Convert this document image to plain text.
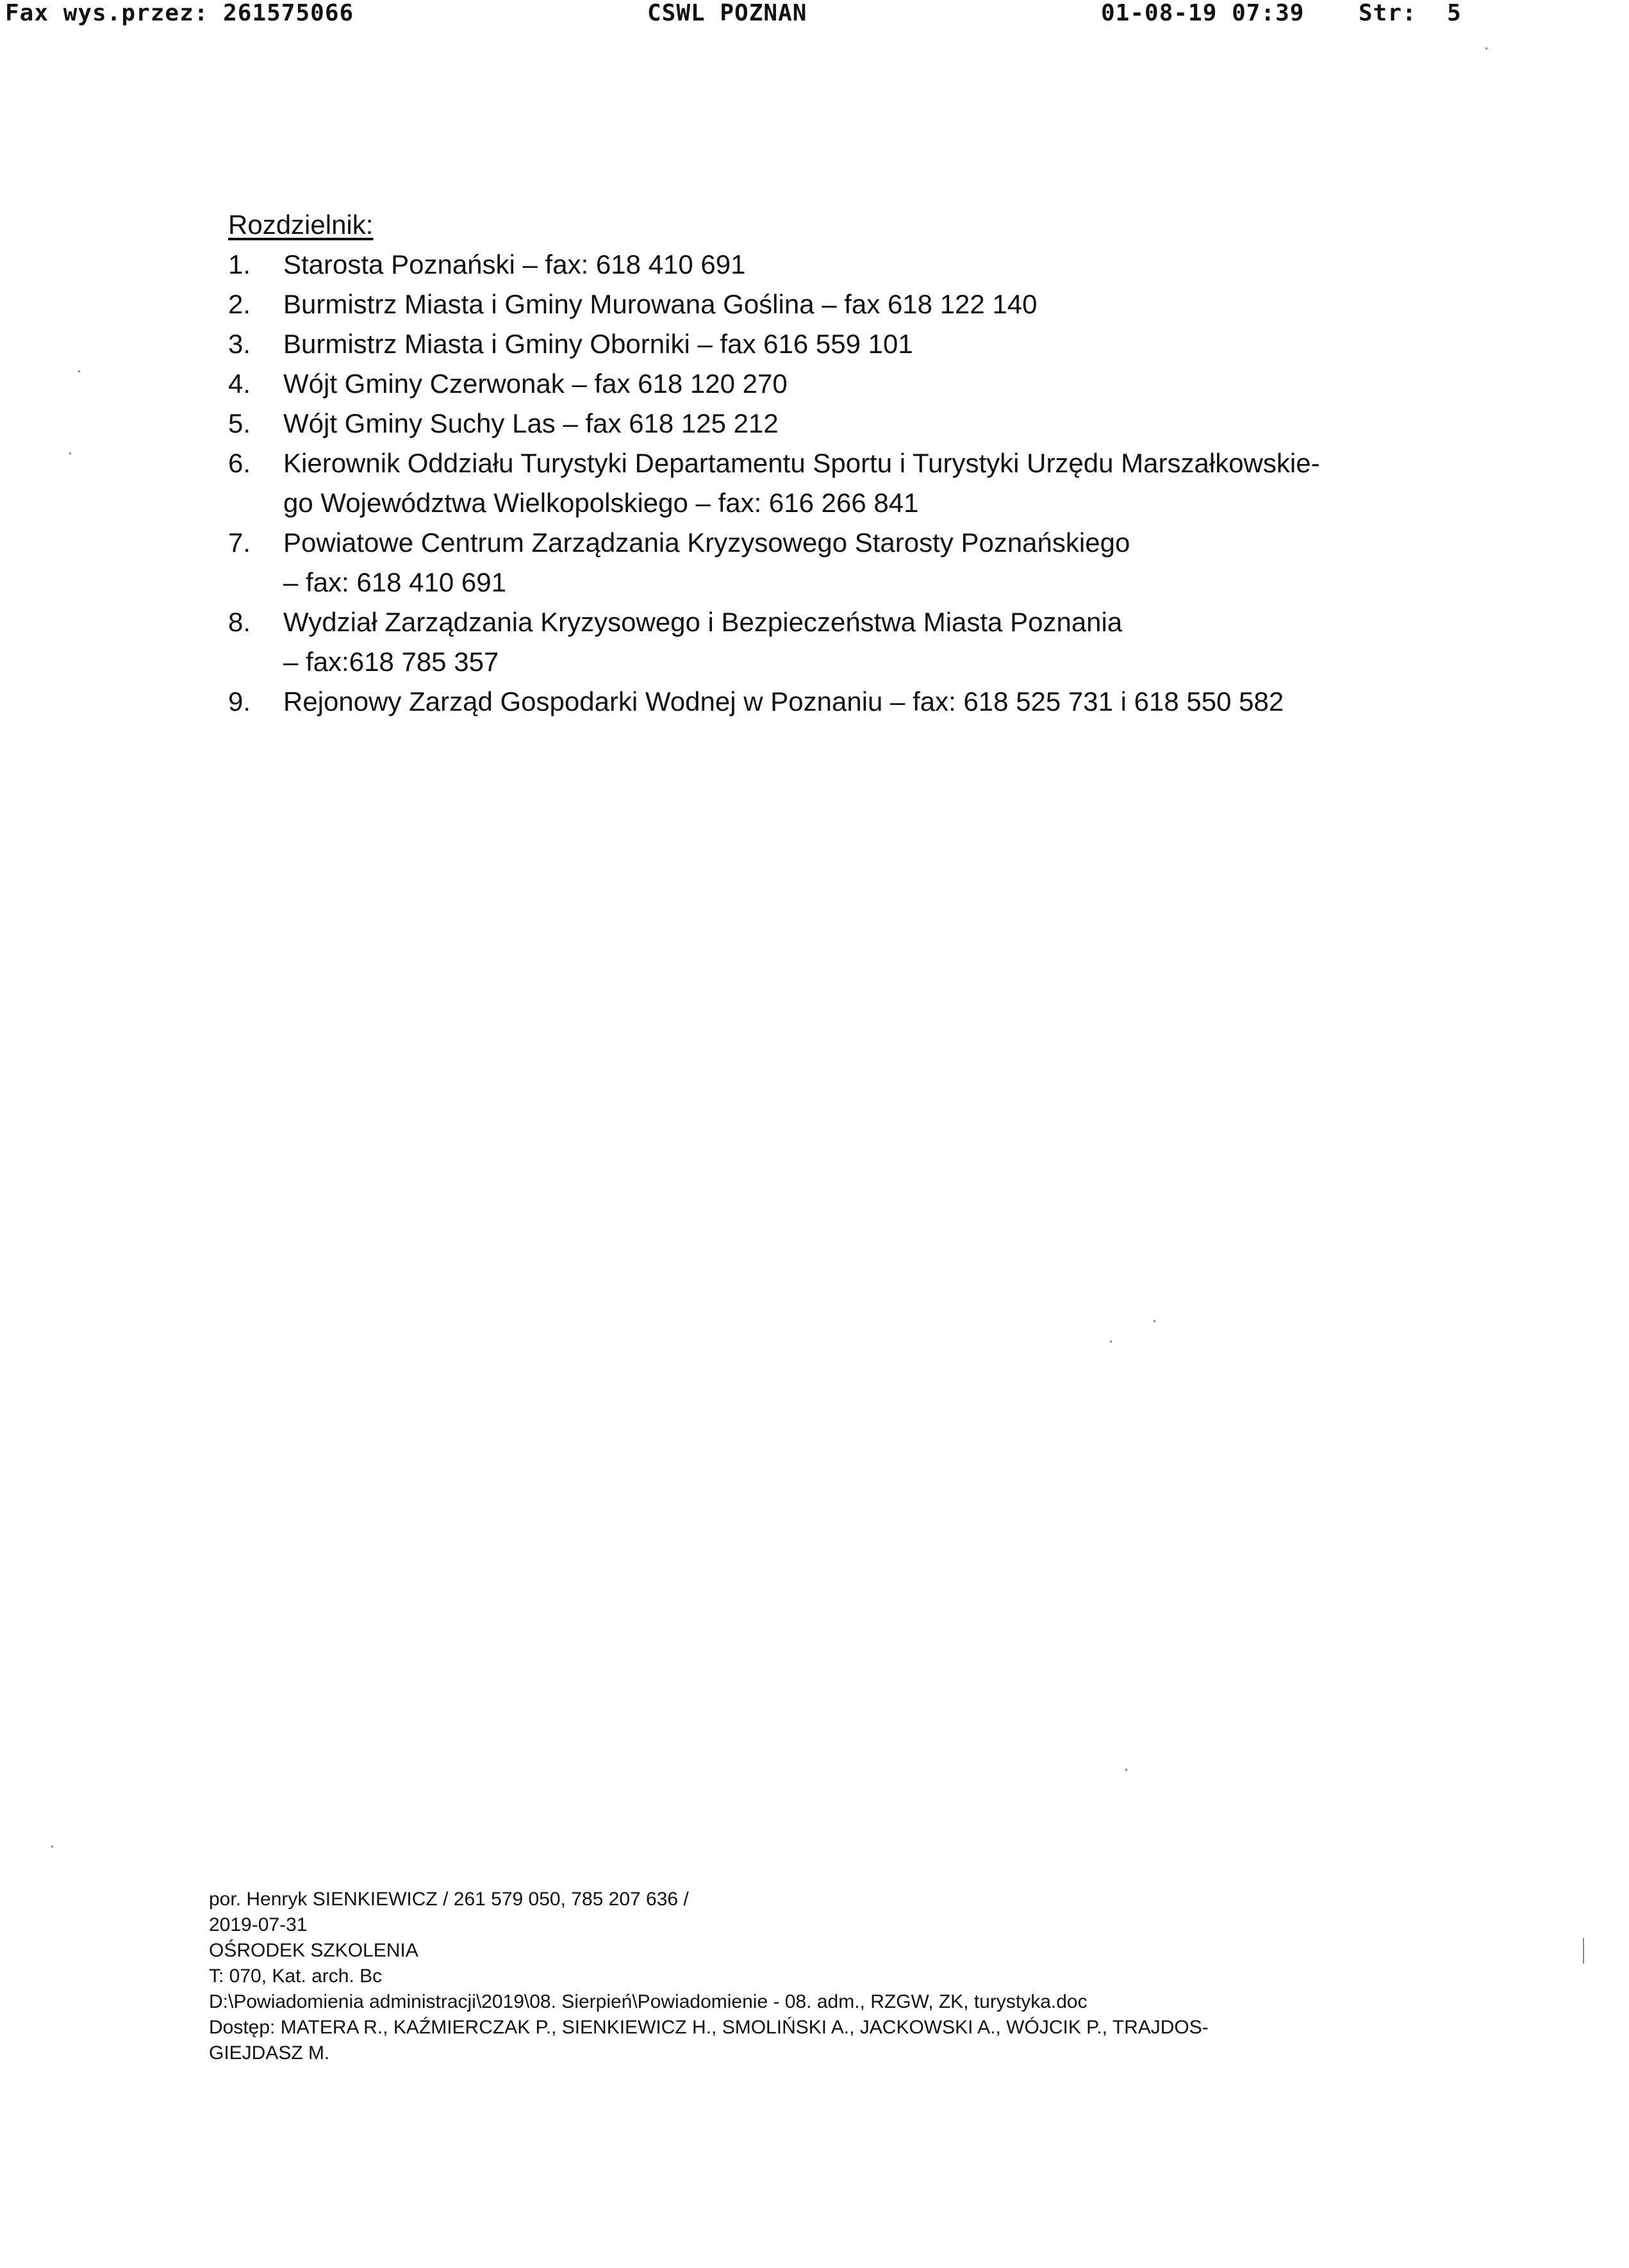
Fax wys.przez: 261575066	CSWL POZNAN	01-08-19 07:39 Str: 5
Rozdzielnik:
1.	Starosta Poznański – fax: 618 410 691
2.	Burmistrz Miasta i Gminy Murowana Goślina – fax 618 122 140
3.	Burmistrz Miasta i Gminy Oborniki – fax 616 559 101
4.	Wójt Gminy Czerwonak – fax 618 120 270
5.	Wójt Gminy Suchy Las – fax 618 125 212
6.	Kierownik Oddziału Turystyki Departamentu Sportu i Turystyki Urzędu Marszałkowskie-
go Województwa Wielkopolskiego – fax: 616 266 841
7.	Powiatowe Centrum Zarządzania Kryzysowego Starosty Poznańskiego
– fax: 618 410 691
8.	Wydział Zarządzania Kryzysowego i Bezpieczeństwa Miasta Poznania
– fax:618 785 357
9.	Rejonowy Zarząd Gospodarki Wodnej w Poznaniu – fax: 618 525 731 i 618 550 582
por. Henryk SIENKIEWICZ / 261 579 050, 785 207 636 /
2019-07-31
OŚRODEK SZKOLENIA
T: 070, Kat. arch. Bc
D:\Powiadomienia administracji\2019\08. Sierpień\Powiadomienie - 08. adm., RZGW, ZK, turystyka.doc
Dostęp: MATERA R., KAŹMIERCZAK P., SIENKIEWICZ H., SMOLIŃSKI A., JACKOWSKI A., WÓJCIK P., TRAJDOS-
GIEJDASZ M.
